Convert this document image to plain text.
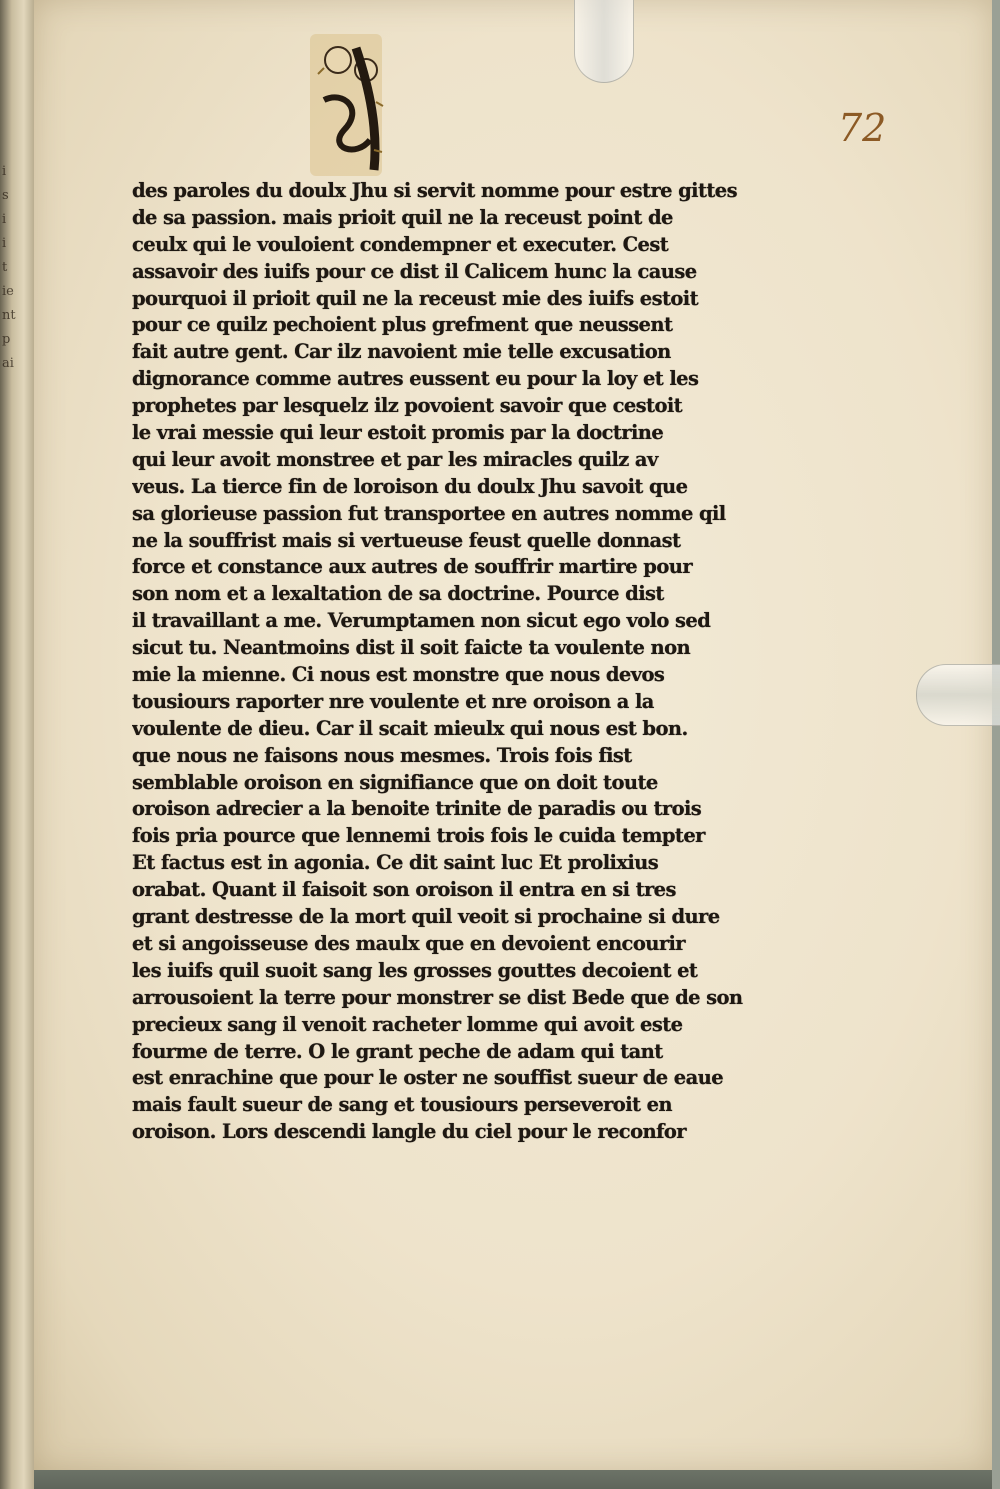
i
s
i
i
t
ie
nt
p
ai
72
des paroles du doulx Jhu si servit nomme pour estre gittes
de sa passion. mais prioit quil ne la receust point de
ceulx qui le vouloient condempner et executer. Cest
assavoir des iuifs pour ce dist il Calicem hunc la cause
pourquoi il prioit quil ne la receust mie des iuifs estoit
pour ce quilz pechoient plus grefment que neussent
fait autre gent. Car ilz navoient mie telle excusation
dignorance comme autres eussent eu pour la loy et les
prophetes par lesquelz ilz povoient savoir que cestoit
le vrai messie qui leur estoit promis par la doctrine
qui leur avoit monstree et par les miracles quilz av
veus. La tierce fin de loroison du doulx Jhu savoit que
sa glorieuse passion fut transportee en autres nomme qil
ne la souffrist mais si vertueuse feust quelle donnast
force et constance aux autres de souffrir martire pour
son nom et a lexaltation de sa doctrine. Pource dist
il travaillant a me. Verumptamen non sicut ego volo sed
sicut tu. Neantmoins dist il soit faicte ta voulente non
mie la mienne. Ci nous est monstre que nous devos
tousiours raporter nre voulente et nre oroison a la
voulente de dieu. Car il scait mieulx qui nous est bon.
que nous ne faisons nous mesmes. Trois fois fist
semblable oroison en signifiance que on doit toute
oroison adrecier a la benoite trinite de paradis ou trois
fois pria pource que lennemi trois fois le cuida tempter
Et factus est in agonia. Ce dit saint luc Et prolixius
orabat. Quant il faisoit son oroison il entra en si tres
grant destresse de la mort quil veoit si prochaine si dure
et si angoisseuse des maulx que en devoient encourir
les iuifs quil suoit sang les grosses gouttes decoient et
arrousoient la terre pour monstrer se dist Bede que de son
precieux sang il venoit racheter lomme qui avoit este
fourme de terre. O le grant peche de adam qui tant
est enrachine que pour le oster ne souffist sueur de eaue
mais fault sueur de sang et tousiours perseveroit en
oroison. Lors descendi langle du ciel pour le reconfor
